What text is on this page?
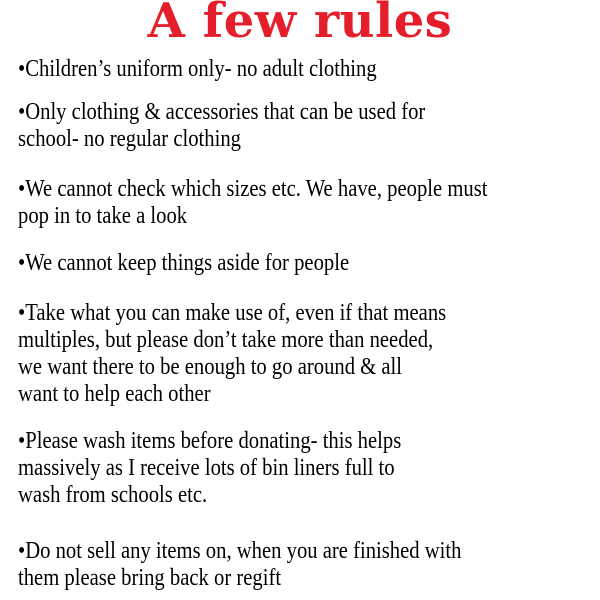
A few rules

•Children’s uniform only- no adult clothing

•Only clothing & accessories that can be used for
school- no regular clothing

•We cannot check which sizes etc. We have, people must
pop in to take a look

•We cannot keep things aside for people

•Take what you can make use of, even if that means
multiples, but please don’t take more than needed,
we want there to be enough to go around & all
want to help each other

•Please wash items before donating- this helps
massively as I receive lots of bin liners full to
wash from schools etc.

•Do not sell any items on, when you are finished with
them please bring back or regift
